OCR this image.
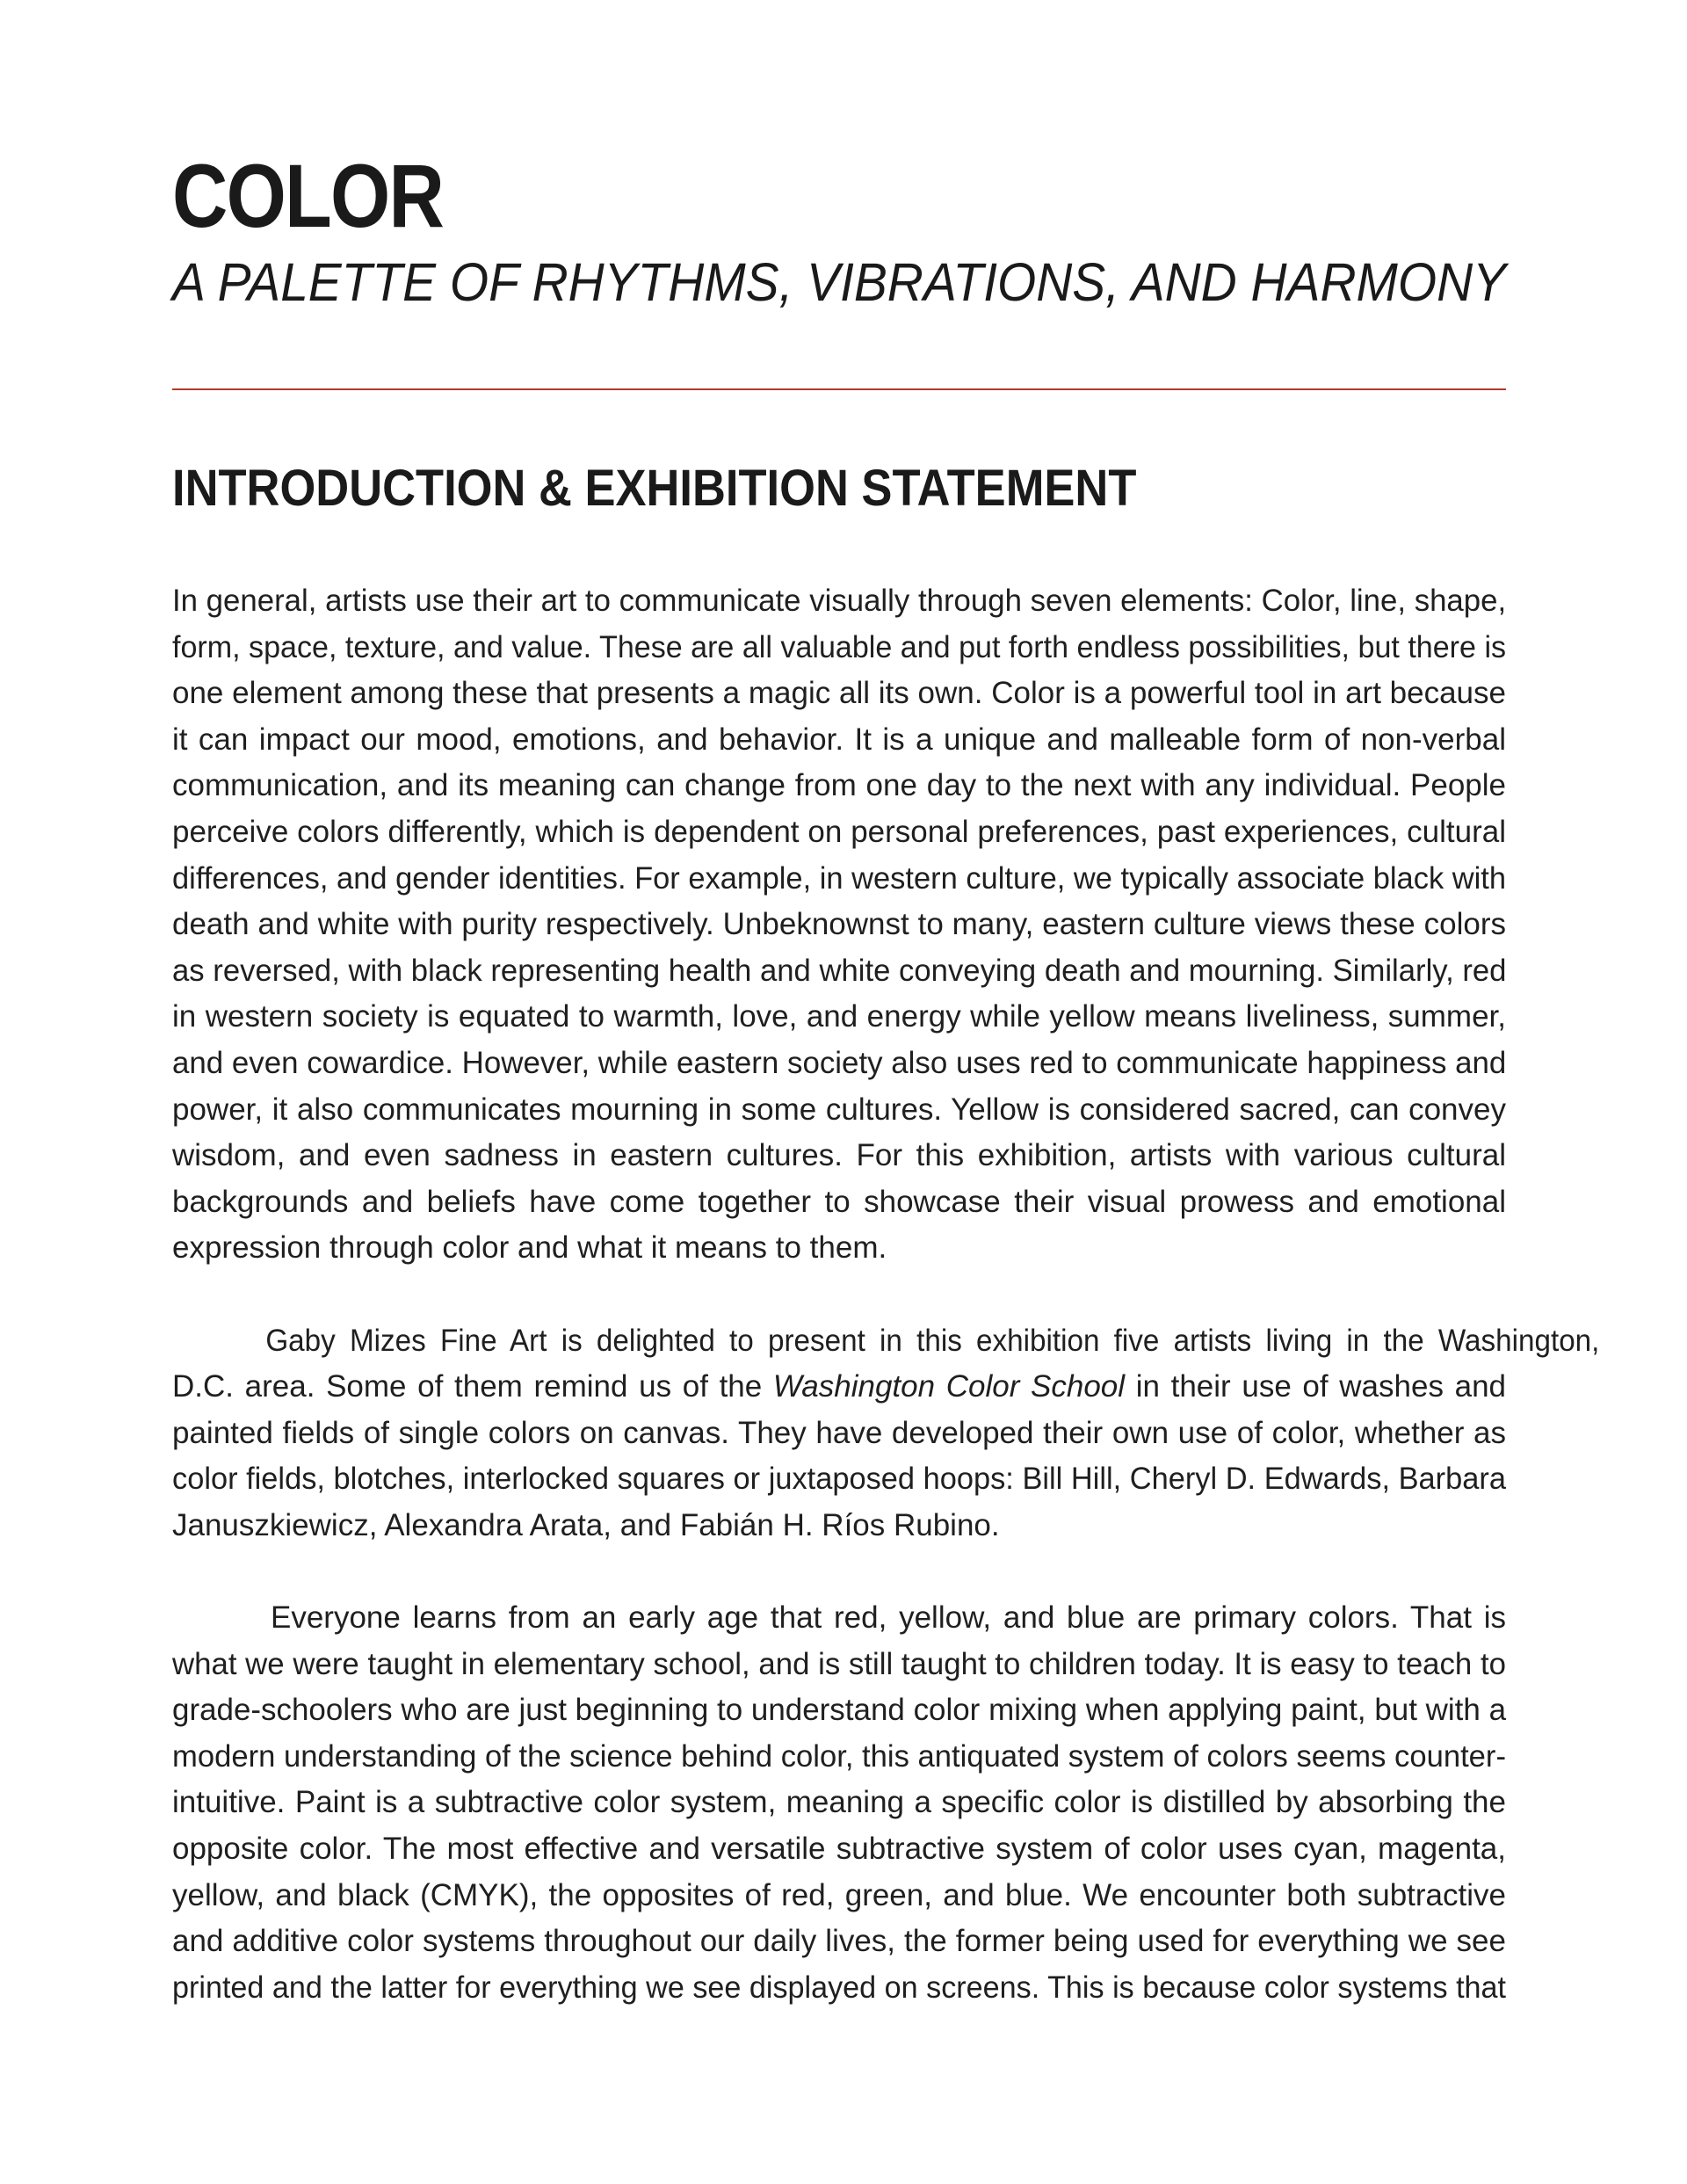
COLOR
A PALETTE OF RHYTHMS, VIBRATIONS, AND HARMONY
INTRODUCTION & EXHIBITION STATEMENT
In general, artists use their art to communicate visually through seven elements: Color, line, shape,
form, space, texture, and value. These are all valuable and put forth endless possibilities, but there is
one element among these that presents a magic all its own. Color is a powerful tool in art because
it can impact our mood, emotions, and behavior. It is a unique and malleable form of non-verbal
communication, and its meaning can change from one day to the next with any individual. People
perceive colors differently, which is dependent on personal preferences, past experiences, cultural
differences, and gender identities. For example, in western culture, we typically associate black with
death and white with purity respectively. Unbeknownst to many, eastern culture views these colors
as reversed, with black representing health and white conveying death and mourning. Similarly, red
in western society is equated to warmth, love, and energy while yellow means liveliness, summer,
and even cowardice. However, while eastern society also uses red to communicate happiness and
power, it also communicates mourning in some cultures. Yellow is considered sacred, can convey
wisdom, and even sadness in eastern cultures. For this exhibition, artists with various cultural
backgrounds and beliefs have come together to showcase their visual prowess and emotional
expression through color and what it means to them.
Gaby Mizes Fine Art is delighted to present in this exhibition five artists living in the Washington,
D.C. area. Some of them remind us of the Washington Color School in their use of washes and
painted fields of single colors on canvas. They have developed their own use of color, whether as
color fields, blotches, interlocked squares or juxtaposed hoops: Bill Hill, Cheryl D. Edwards, Barbara
Januszkiewicz, Alexandra Arata, and Fabián H. Ríos Rubino.
Everyone learns from an early age that red, yellow, and blue are primary colors. That is
what we were taught in elementary school, and is still taught to children today. It is easy to teach to
grade-schoolers who are just beginning to understand color mixing when applying paint, but with a
modern understanding of the science behind color, this antiquated system of colors seems counter-
intuitive. Paint is a subtractive color system, meaning a specific color is distilled by absorbing the
opposite color. The most effective and versatile subtractive system of color uses cyan, magenta,
yellow, and black (CMYK), the opposites of red, green, and blue. We encounter both subtractive
and additive color systems throughout our daily lives, the former being used for everything we see
printed and the latter for everything we see displayed on screens. This is because color systems that
